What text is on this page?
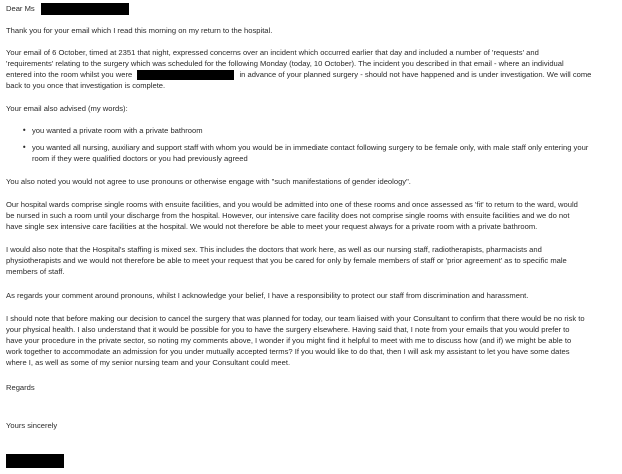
Dear Ms
Thank you for your email which I read this morning on my return to the hospital.
Your email of 6 October, timed at 2351 that night, expressed concerns over an incident which occurred earlier that day and included a number of 'requests' and
'requirements' relating to the surgery which was scheduled for the following Monday (today, 10 October). The incident you described in that email - where an individual
entered into the room whilst you were	in advance of your planned surgery - should not have happened and is under investigation. We will come
back to you once that investigation is complete.
Your email also advised (my words):
• you wanted a private room with a private bathroom
• you wanted all nursing, auxiliary and support staff with whom you would be in immediate contact following surgery to be female only, with male staff only entering your
room if they were qualified doctors or you had previously agreed
You also noted you would not agree to use pronouns or otherwise engage with "such manifestations of gender ideology".
Our hospital wards comprise single rooms with ensuite facilities, and you would be admitted into one of these rooms and once assessed as 'fit' to return to the ward, would
be nursed in such a room until your discharge from the hospital. However, our intensive care facility does not comprise single rooms with ensuite facilities and we do not
have single sex intensive care facilities at the hospital. We would not therefore be able to meet your request always for a private room with a private bathroom.
I would also note that the Hospital's staffing is mixed sex. This includes the doctors that work here, as well as our nursing staff, radiotherapists, pharmacists and
physiotherapists and we would not therefore be able to meet your request that you be cared for only by female members of staff or 'prior agreement' as to specific male
members of staff.
As regards your comment around pronouns, whilst I acknowledge your belief, I have a responsibility to protect our staff from discrimination and harassment.
I should note that before making our decision to cancel the surgery that was planned for today, our team liaised with your Consultant to confirm that there would be no risk to
your physical health. I also understand that it would be possible for you to have the surgery elsewhere. Having said that, I note from your emails that you would prefer to
have your procedure in the private sector, so noting my comments above, I wonder if you might find it helpful to meet with me to discuss how (and if) we might be able to
work together to accommodate an admission for you under mutually accepted terms? If you would like to do that, then I will ask my assistant to let you have some dates
where I, as well as some of my senior nursing team and your Consultant could meet.
Regards
Yours sincerely
